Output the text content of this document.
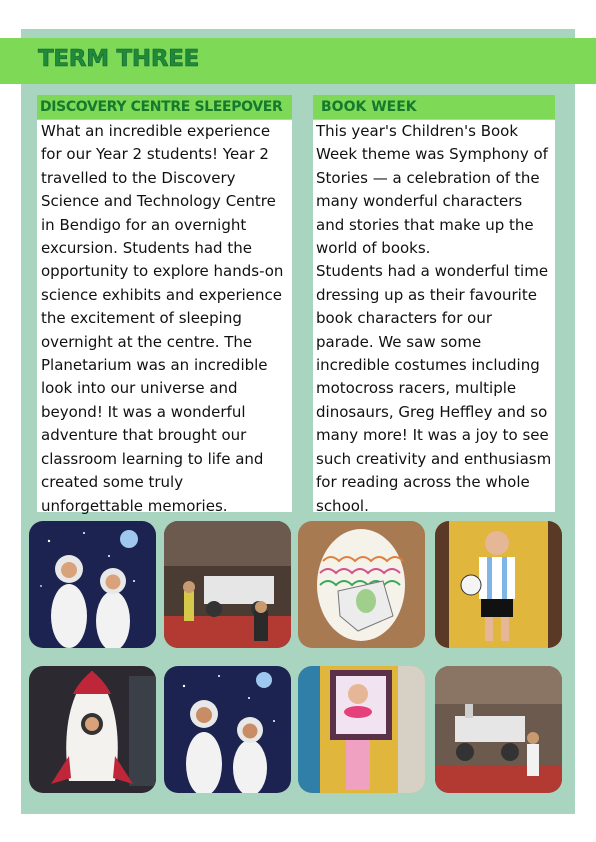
TERM THREE
DISCOVERY CENTRE SLEEPOVER

What an incredible experience for our Year 2 students! Year 2 travelled to the Discovery Science and Technology Centre in Bendigo for an overnight excursion. Students had the opportunity to explore hands-on science exhibits and experience the excitement of sleeping overnight at the centre. The Planetarium was an incredible look into our universe and beyond! It was a wonderful adventure that brought our classroom learning to life and created some truly unforgettable memories.

BOOK WEEK

This year's Children's Book Week theme was Symphony of Stories — a celebration of the many wonderful characters and stories that make up the world of books.

Students had a wonderful time dressing up as their favourite book characters for our parade. We saw some incredible costumes including motocross racers, multiple dinosaurs, Greg Heffley and so many more! It was a joy to see such creativity and enthusiasm for reading across the whole school.
